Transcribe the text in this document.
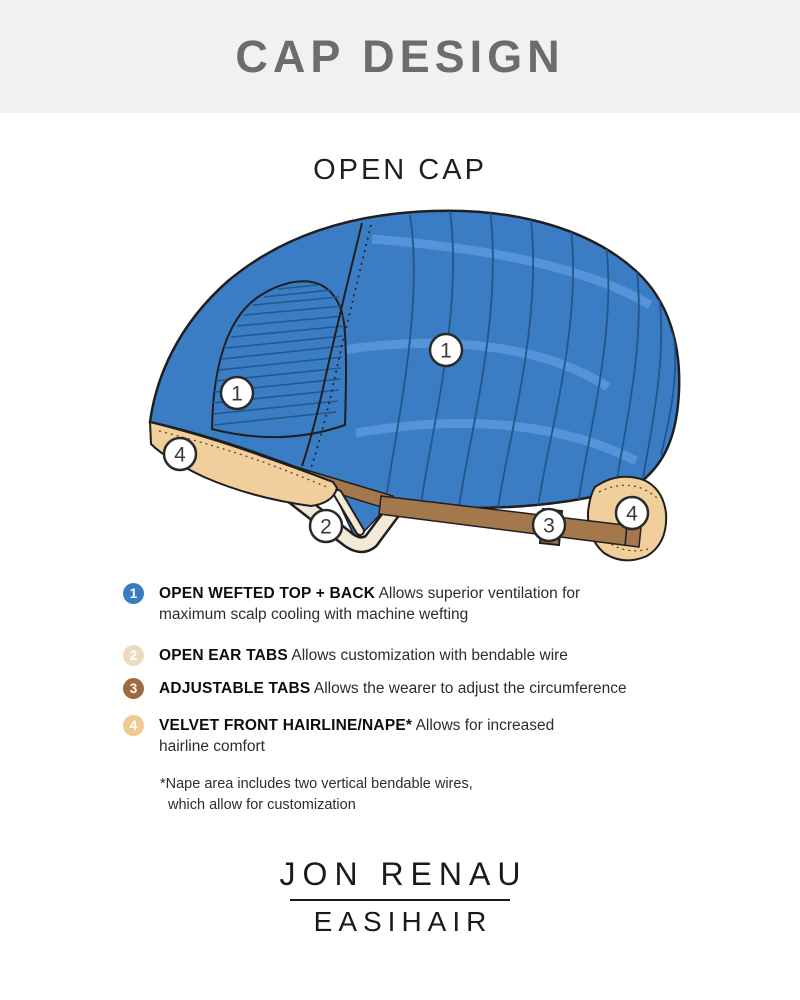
CAP DESIGN
OPEN CAP
1
1
2	3
4
4
1	OPEN WEFTED TOP + BACK Allows superior ventilation for maximum scalp cooling with machine wefting
2	OPEN EAR TABS Allows customization with bendable wire
3	ADJUSTABLE TABS Allows the wearer to adjust the circumference
4	VELVET FRONT HAIRLINE/NAPE* Allows for increased hairline comfort
*Nape area includes two vertical bendable wires,
which allow for customization
JON RENAU
EASIHAIR
